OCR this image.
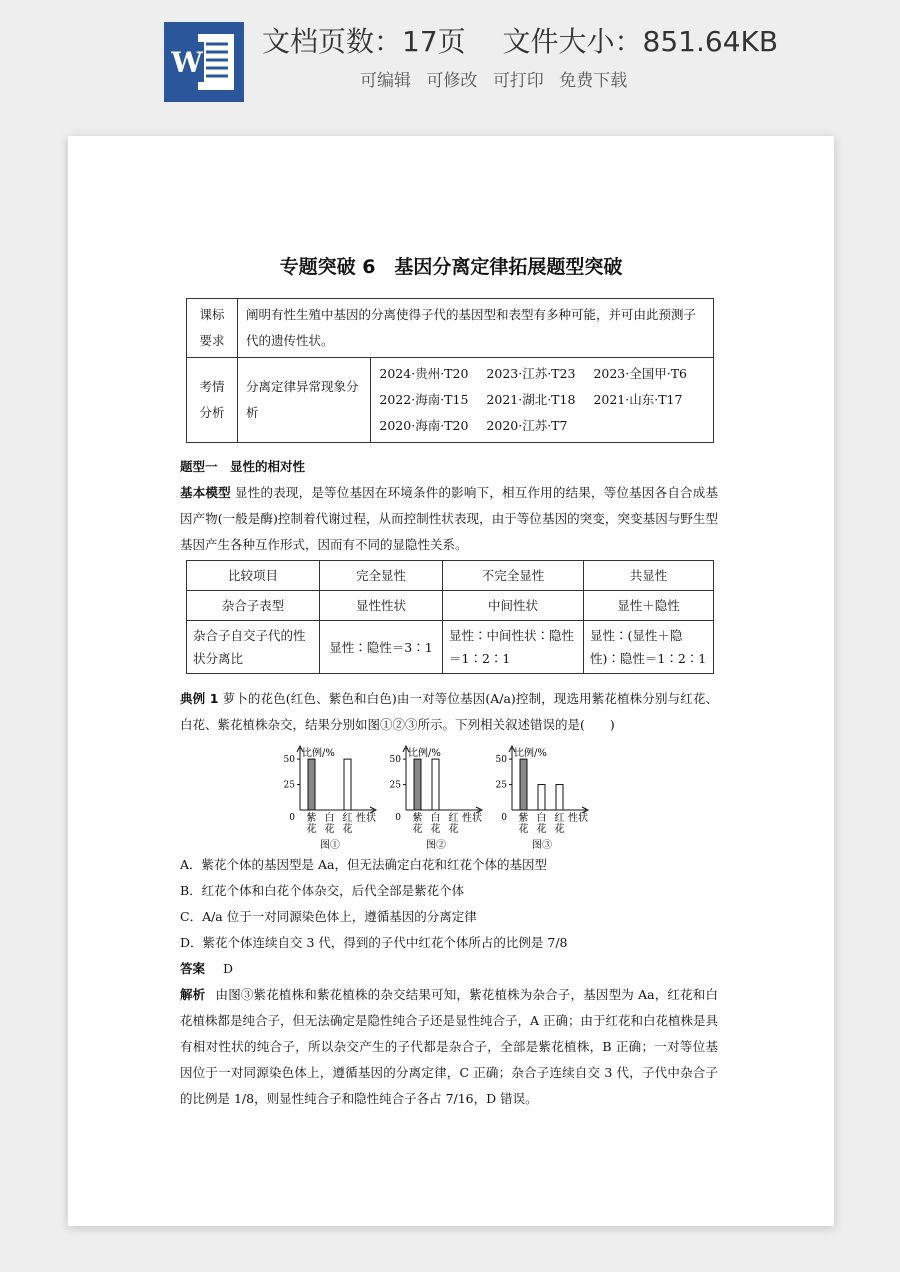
W
文档页数：17页 文件大小：851.64KB
可编辑 可修改 可打印 免费下载
专题突破 6　基因分离定律拓展题型突破
课标要求	阐明有性生殖中基因的分离使得子代的基因型和表型有多种可能，并可由此预测子代的遗传性状。	
考情分析	分离定律异常现象分析	2024·贵州·T20 2023·江苏·T23 2023·全国甲·T6
2022·海南·T15 2021·湖北·T18 2021·山东·T17
2020·海南·T20 2020·江苏·T7
题型一　显性的相对性
基本模型 显性的表现，是等位基因在环境条件的影响下，相互作用的结果，等位基因各自合成基因产物(一般是酶)控制着代谢过程，从而控制性状表现，由于等位基因的突变，突变基因与野生型基因产生各种互作形式，因而有不同的显隐性关系。
比较项目	完全显性	不完全显性	共显性
杂合子表型	显性性状	中间性状	显性＋隐性
杂合子自交子代的性状分离比	显性∶隐性＝3∶1	显性∶中间性状∶隐性＝1∶2∶1	显性∶(显性＋隐性)∶隐性＝1∶2∶1
典例 1 萝卜的花色(红色、紫色和白色)由一对等位基因(A/a)控制，现选用紫花植株分别与红花、白花、紫花植株杂交，结果分别如图①②③所示。下列相关叙述错误的是(　　)
比例/%
0
25
50
紫
花
白
花
红
花
性状
图①
比例/%
0
25
50
紫
花
白
花
红
花
性状
图②
比例/%
0
25
50
紫
花
白
花
红
花
性状
图③
A．紫花个体的基因型是 Aa，但无法确定白花和红花个体的基因型
B．红花个体和白花个体杂交，后代全部是紫花个体
C．A/a 位于一对同源染色体上，遵循基因的分离定律
D．紫花个体连续自交 3 代，得到的子代中红花个体所占的比例是 7/8
答案 D
解析 由图③紫花植株和紫花植株的杂交结果可知，紫花植株为杂合子，基因型为 Aa，红花和白花植株都是纯合子，但无法确定是隐性纯合子还是显性纯合子，A 正确；由于红花和白花植株是具有相对性状的纯合子，所以杂交产生的子代都是杂合子，全部是紫花植株，B 正确；一对等位基因位于一对同源染色体上，遵循基因的分离定律，C 正确；杂合子连续自交 3 代，子代中杂合子的比例是 1/8，则显性纯合子和隐性纯合子各占 7/16，D 错误。
